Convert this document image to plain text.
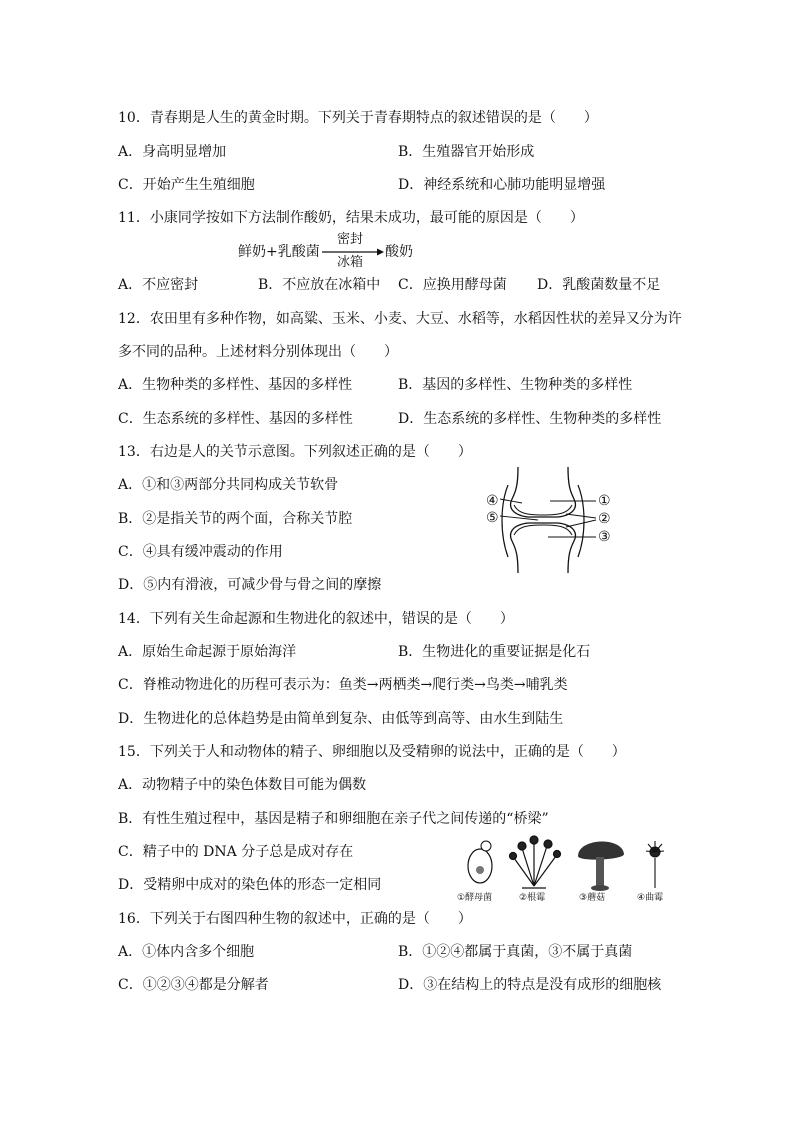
10．青春期是人生的黄金时期。下列关于青春期特点的叙述错误的是（　　）
A．身高明显增加	B．生殖器官开始形成
C．开始产生生殖细胞	D．神经系统和心肺功能明显增强
11．小康同学按如下方法制作酸奶，结果未成功，最可能的原因是（　　）
鲜奶+乳酸菌
密封
冰箱
酸奶
A．不应密封	B．不应放在冰箱中 C．应换用酵母菌 D．乳酸菌数量不足
12．农田里有多种作物，如高粱、玉米、小麦、大豆、水稻等，水稻因性状的差异又分为许
多不同的品种。上述材料分别体现出（　　）
A．生物种类的多样性、基因的多样性	B．基因的多样性、生物种类的多样性
C．生态系统的多样性、基因的多样性	D．生态系统的多样性、生物种类的多样性
13．右边是人的关节示意图。下列叙述正确的是（　　）
A．①和③两部分共同构成关节软骨
B．②是指关节的两个面，合称关节腔
C．④具有缓冲震动的作用
D．⑤内有滑液，可减少骨与骨之间的摩擦
④
⑤
①
②
③
14．下列有关生命起源和生物进化的叙述中，错误的是（　　）
A．原始生命起源于原始海洋	B．生物进化的重要证据是化石
C．脊椎动物进化的历程可表示为：鱼类→两栖类→爬行类→鸟类→哺乳类
D．生物进化的总体趋势是由简单到复杂、由低等到高等、由水生到陆生
15．下列关于人和动物体的精子、卵细胞以及受精卵的说法中，正确的是（　　）
A．动物精子中的染色体数目可能为偶数
B．有性生殖过程中，基因是精子和卵细胞在亲子代之间传递的“桥梁”
C．精子中的 DNA 分子总是成对存在
D．受精卵中成对的染色体的形态一定相同
①酵母菌	②根霉	③蘑菇	④曲霉
16．下列关于右图四种生物的叙述中，正确的是（　　）
A．①体内含多个细胞	B．①②④都属于真菌，③不属于真菌
C．①②③④都是分解者	D．③在结构上的特点是没有成形的细胞核
